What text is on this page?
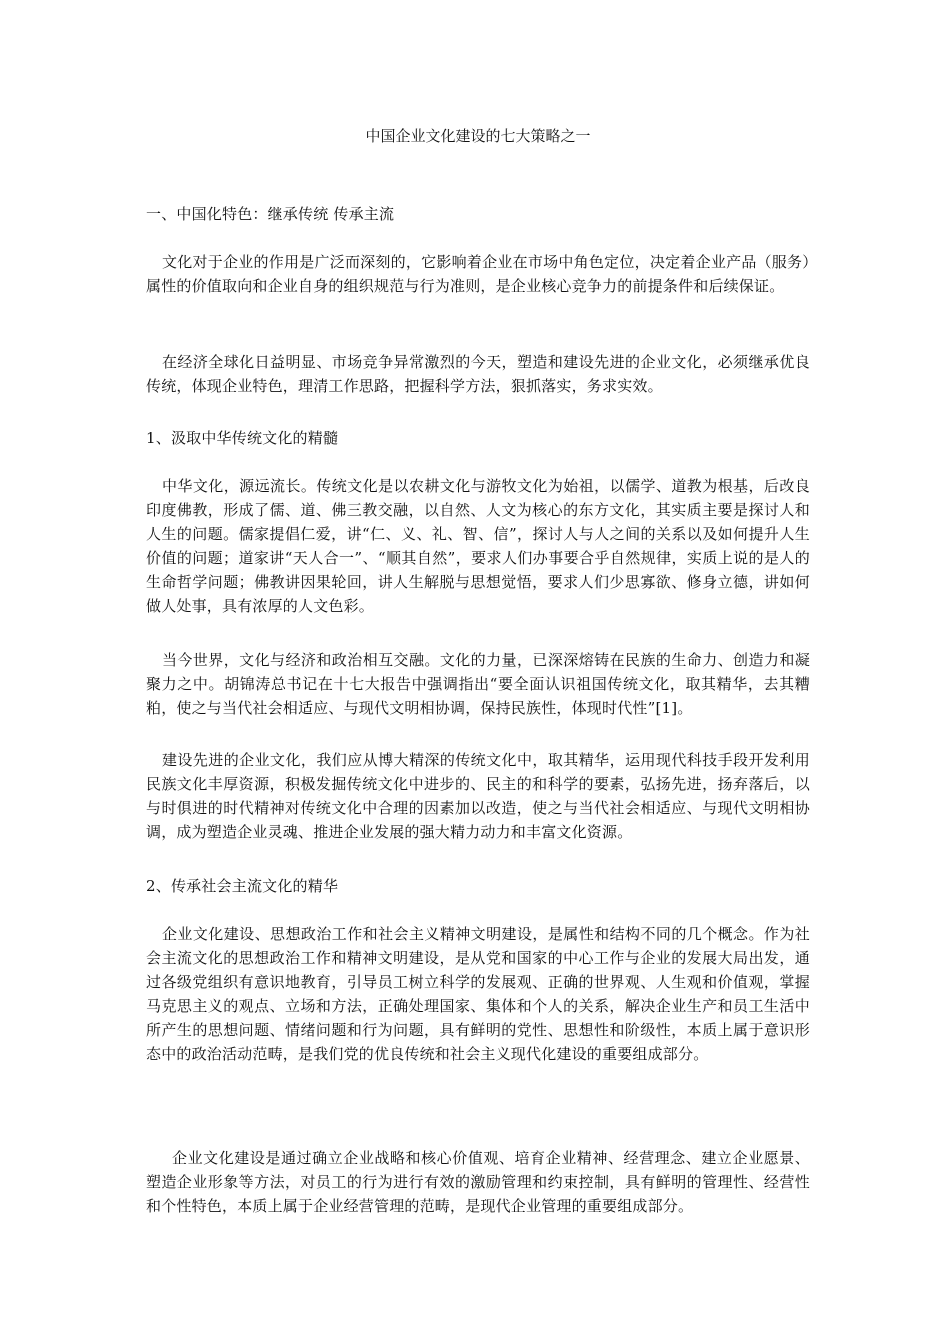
中国企业文化建设的七大策略之一

一、中国化特色：继承传统 传承主流

文化对于企业的作用是广泛而深刻的，它影响着企业在市场中角色定位，决定着企业产品（服务）属性的价值取向和企业自身的组织规范与行为准则，是企业核心竞争力的前提条件和后续保证。

在经济全球化日益明显、市场竞争异常激烈的今天，塑造和建设先进的企业文化，必须继承优良传统，体现企业特色，理清工作思路，把握科学方法，狠抓落实，务求实效。

1、汲取中华传统文化的精髓

中华文化，源远流长。传统文化是以农耕文化与游牧文化为始祖，以儒学、道教为根基，后改良印度佛教，形成了儒、道、佛三教交融，以自然、人文为核心的东方文化，其实质主要是探讨人和人生的问题。儒家提倡仁爱，讲“仁、义、礼、智、信”，探讨人与人之间的关系以及如何提升人生价值的问题；道家讲“天人合一”、“顺其自然”，要求人们办事要合乎自然规律，实质上说的是人的生命哲学问题；佛教讲因果轮回，讲人生解脱与思想觉悟，要求人们少思寡欲、修身立德，讲如何做人处事，具有浓厚的人文色彩。

当今世界，文化与经济和政治相互交融。文化的力量，已深深熔铸在民族的生命力、创造力和凝聚力之中。胡锦涛总书记在十七大报告中强调指出“要全面认识祖国传统文化，取其精华，去其糟粕，使之与当代社会相适应、与现代文明相协调，保持民族性，体现时代性”[1]。

建设先进的企业文化，我们应从博大精深的传统文化中，取其精华，运用现代科技手段开发利用民族文化丰厚资源，积极发掘传统文化中进步的、民主的和科学的要素，弘扬先进，扬弃落后，以与时俱进的时代精神对传统文化中合理的因素加以改造，使之与当代社会相适应、与现代文明相协调，成为塑造企业灵魂、推进企业发展的强大精力动力和丰富文化资源。

2、传承社会主流文化的精华

企业文化建设、思想政治工作和社会主义精神文明建设，是属性和结构不同的几个概念。作为社会主流文化的思想政治工作和精神文明建设，是从党和国家的中心工作与企业的发展大局出发，通过各级党组织有意识地教育，引导员工树立科学的发展观、正确的世界观、人生观和价值观，掌握马克思主义的观点、立场和方法，正确处理国家、集体和个人的关系，解决企业生产和员工生活中所产生的思想问题、情绪问题和行为问题，具有鲜明的党性、思想性和阶级性，本质上属于意识形态中的政治活动范畴，是我们党的优良传统和社会主义现代化建设的重要组成部分。

企业文化建设是通过确立企业战略和核心价值观、培育企业精神、经营理念、建立企业愿景、塑造企业形象等方法，对员工的行为进行有效的激励管理和约束控制，具有鲜明的管理性、经营性和个性特色，本质上属于企业经营管理的范畴，是现代企业管理的重要组成部分。
